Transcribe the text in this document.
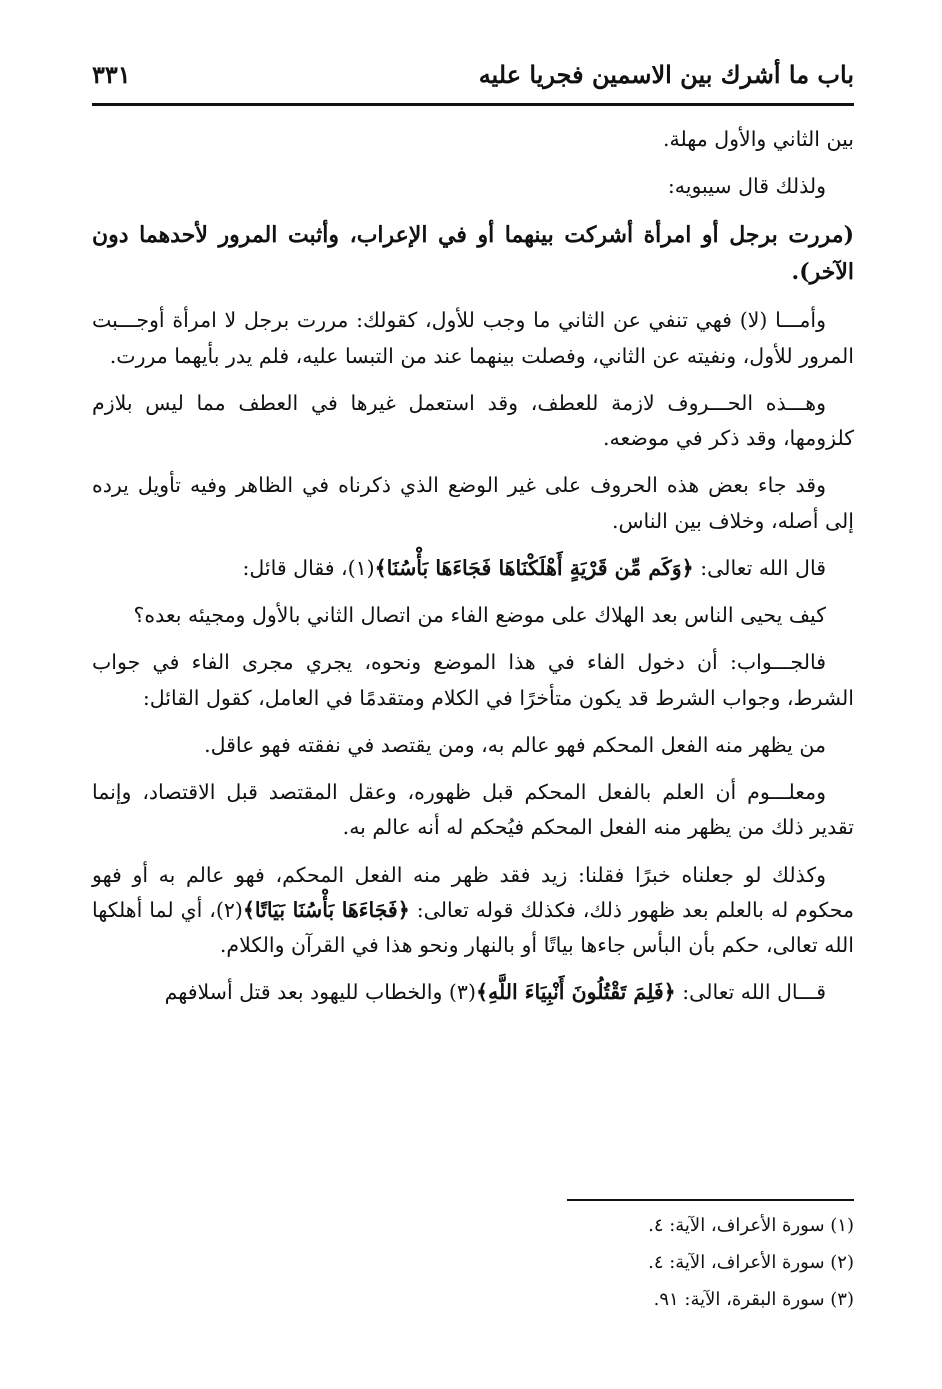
باب ما أشرك بين الاسمين فجريا عليه
٣٣١

بين الثاني والأول مهلة.

ولذلك قال سيبويه:

(مررت برجل أو امرأة أشركت بينهما أو في الإعراب، وأثبت المرور لأحدهما دون الآخر).

وأمـــا (لا) فهي تنفي عن الثاني ما وجب للأول، كقولك: مررت برجل لا امرأة أوجـــبت المرور للأول، ونفيته عن الثاني، وفصلت بينهما عند من التبسا عليه، فلم يدر بأيهما مررت.

وهـــذه الحـــروف لازمة للعطف، وقد استعمل غيرها في العطف مما ليس بلازم كلزومها، وقد ذكر في موضعه.

وقد جاء بعض هذه الحروف على غير الوضع الذي ذكرناه في الظاهر وفيه تأويل يرده إلى أصله، وخلاف بين الناس.

قال الله تعالى: ﴿وَكَم مِّن قَرْيَةٍ أَهْلَكْنَاهَا فَجَاءَهَا بَأْسُنَا﴾(١)، فقال قائل:

كيف يحيى الناس بعد الهلاك على موضع الفاء من اتصال الثاني بالأول ومجيئه بعده؟

فالجـــواب: أن دخول الفاء في هذا الموضع ونحوه، يجري مجرى الفاء في جواب الشرط، وجواب الشرط قد يكون متأخرًا في الكلام ومتقدمًا في العامل، كقول القائل:

من يظهر منه الفعل المحكم فهو عالم به، ومن يقتصد في نفقته فهو عاقل.

ومعلـــوم أن العلم بالفعل المحكم قبل ظهوره، وعقل المقتصد قبل الاقتصاد، وإنما تقدير ذلك من يظهر منه الفعل المحكم فيُحكم له أنه عالم به.

وكذلك لو جعلناه خبرًا فقلنا: زيد فقد ظهر منه الفعل المحكم، فهو عالم به أو فهو محكوم له بالعلم بعد ظهور ذلك، فكذلك قوله تعالى: ﴿فَجَاءَهَا بَأْسُنَا بَيَاتًا﴾(٢)، أي لما أهلكها الله تعالى، حكم بأن البأس جاءها بياتًا أو بالنهار ونحو هذا في القرآن والكلام.

قـــال الله تعالى: ﴿فَلِمَ تَقْتُلُونَ أَنْبِيَاءَ اللَّهِ﴾(٣) والخطاب لليهود بعد قتل أسلافهم

(١) سورة الأعراف، الآية: ٤.
(٢) سورة الأعراف، الآية: ٤.
(٣) سورة البقرة، الآية: ٩١.
